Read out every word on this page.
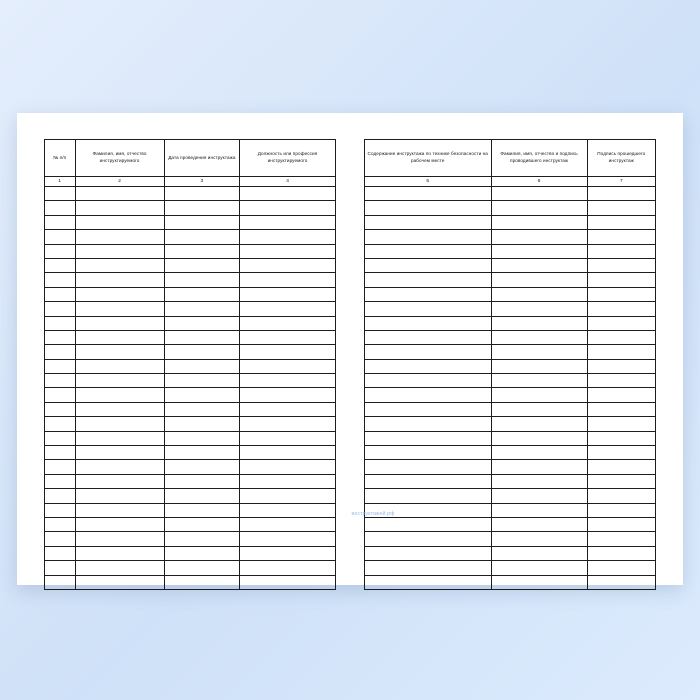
№ п/п	Фамилия, имя, отчество инструктируемого	Дата проведения инструктажа	Должность или профессия инструктируемого
1	2	3	4

Содержание инструктажа по технике безопасности на рабочем месте	Фамилия, имя, отчество и подпись проводившего инструктаж	Подпись прошедшего инструктаж
5	6	7

инструктажей.рф
